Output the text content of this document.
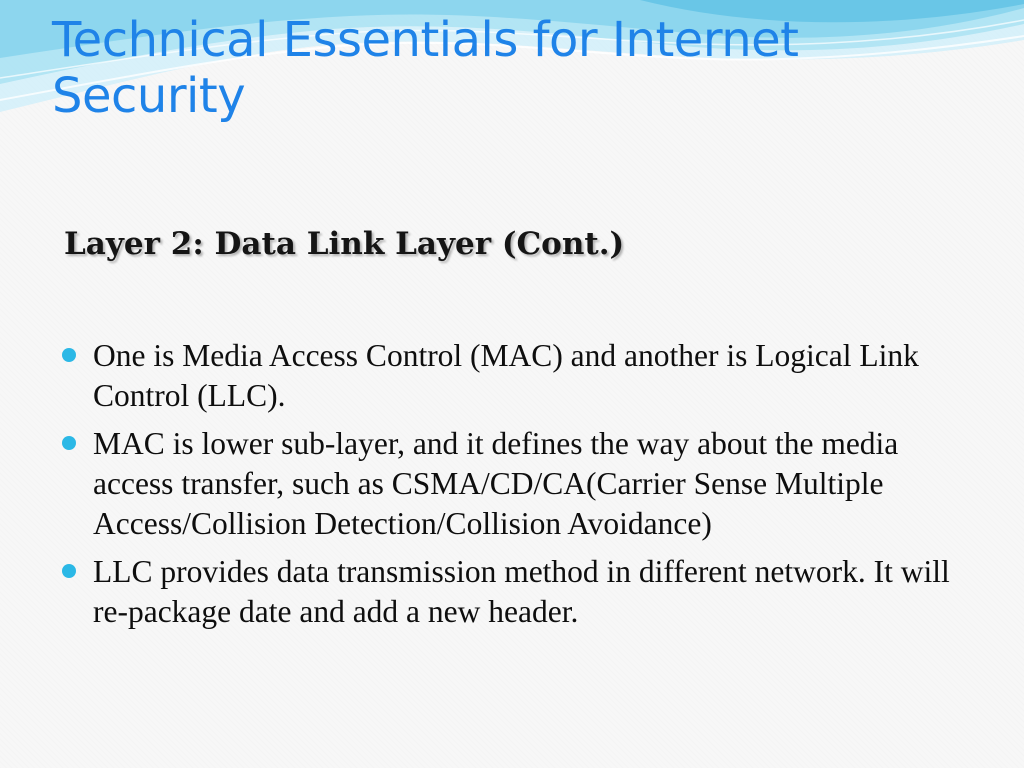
Technical Essentials for Internet Security
Layer 2: Data Link Layer (Cont.)
One is Media Access Control (MAC) and another is Logical Link Control (LLC).
MAC is lower sub-layer, and it defines the way about the media access transfer, such as CSMA/CD/CA(Carrier Sense Multiple Access/Collision Detection/Collision Avoidance)
LLC provides data transmission method in different network. It will re-package date and add a new header.
